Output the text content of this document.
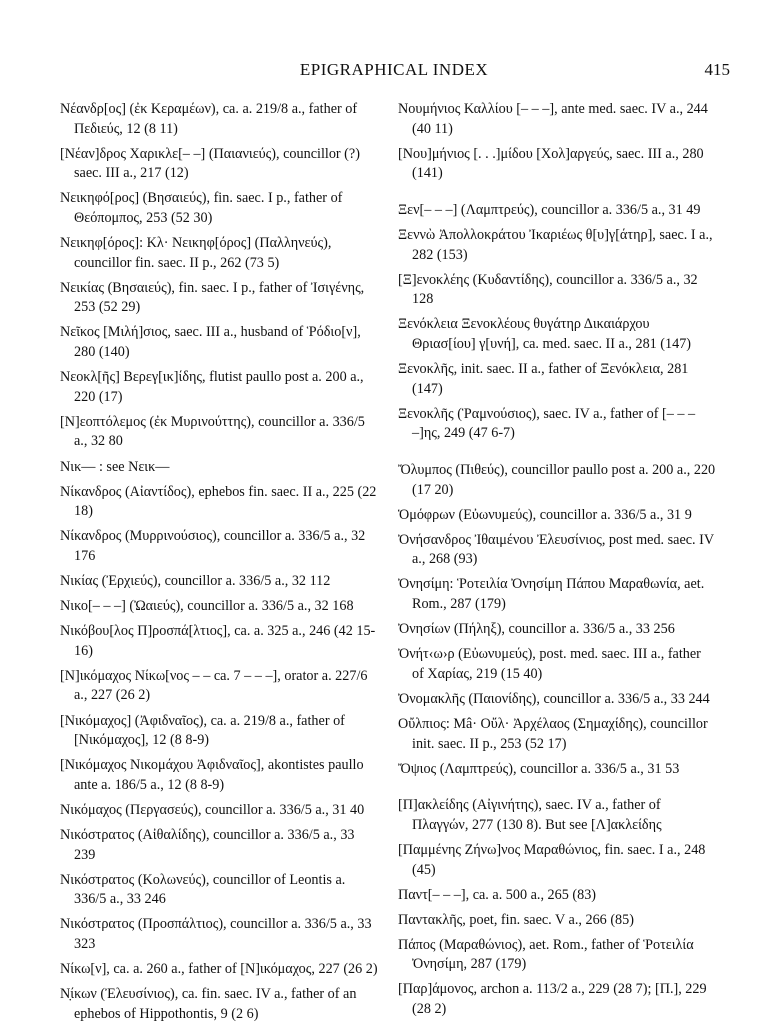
EPIGRAPHICAL INDEX	415

Νέανδρ[ος] (ἐκ Κεραμέων), ca. a. 219/8 a., father of Πεδιεύς, 12 (8 11)

[Νέαν]δρος Χαρικλε[– –] (Παιανιεύς), councillor (?) saec. III a., 217 (12)

Νεικηφό[ρος] (Βησαιεύς), fin. saec. I p., father of Θεόπομπος, 253 (52 30)

Νεικηφ[όρος]: Κλ· Νεικηφ[όρος] (Παλληνεύς), councillor fin. saec. II p., 262 (73 5)

Νεικίας (Βησαιεύς), fin. saec. I p., father of Ἰσιγένης, 253 (52 29)

Νεῖκος [Μιλή]σιος, saec. III a., husband of Ῥόδιο[ν], 280 (140)

Νεοκλ[ῆς] Βερεγ[ικ]ίδης, flutist paullo post a. 200 a., 220 (17)

[Ν]εοπτόλεμος (ἐκ Μυρινούττης), councillor a. 336/5 a., 32 80

Νικ— : see Νεικ—

Νίκανδρος (Αἰαντίδος), ephebos fin. saec. II a., 225 (22 18)

Νίκανδρος (Μυρρινούσιος), councillor a. 336/5 a., 32 176

Νικίας (Ἐρχιεύς), councillor a. 336/5 a., 32 112

Νικο[– – –] (Ὠαιεύς), councillor a. 336/5 a., 32 168

Νικόβου[λος Π]ροσπά[λτιος], ca. a. 325 a., 246 (42 15-16)

[Ν]ικόμαχος Νίκω[νος – – ca. 7 – – –], orator a. 227/6 a., 227 (26 2)

[Νικόμαχος] (Ἀφιδναῖος), ca. a. 219/8 a., father of [Νικόμαχος], 12 (8 8-9)

[Νικόμαχος Νικομάχου Ἀφιδναῖος], akontistes paullo ante a. 186/5 a., 12 (8 8-9)

Νικόμαχος (Περγασεύς), councillor a. 336/5 a., 31 40

Νικόστρατος (Αἰθαλίδης), councillor a. 336/5 a., 33 239

Νικόστρατος (Κολωνεύς), councillor of Leontis a. 336/5 a., 33 246

Νικόστρατος (Προσπάλτιος), councillor a. 336/5 a., 33 323

Νίκω[ν], ca. a. 260 a., father of [Ν]ικόμαχος, 227 (26 2)

Ν̣ίκων (Ἐλευσίνιος), ca. fin. saec. IV a., father of an ephebos of Hippothontis, 9 (2 6)

Νουμήνιος Καλλίου [– – –], ante med. saec. IV a., 244 (40 11)

[Νου]μήνιος [. . .]μίδου [Χολ]αργεύς, saec. III a., 280 (141)

Ξεν[– – –] (Λαμπτρεύς), councillor a. 336/5 a., 31 49

Ξεννὼ Ἀπολλοκράτου Ἰκαριέως θ[υ]γ[άτηρ], saec. I a., 282 (153)

[Ξ]ενοκλέης (Κυδαντίδης), councillor a. 336/5 a., 32 128

Ξενόκλεια Ξενοκλέους θυγάτηρ Δικαιάρχου Θριασ[ίου] γ[υνή], ca. med. saec. II a., 281 (147)

Ξενοκλῆς, init. saec. II a., father of Ξενόκλεια, 281 (147)

Ξενοκλῆς (Ῥαμνούσιος), saec. IV a., father of [– – – –]ης, 249 (47 6-7)

Ὄλυμπος (Πιθεύς), councillor paullo post a. 200 a., 220 (17 20)

Ὁμόφρων (Εὐωνυμεύς), councillor a. 336/5 a., 31 9

Ὀνήσανδρος Ἰθαιμένου Ἐλευσίνιος, post med. saec. IV a., 268 (93)

Ὀνησίμη: Ῥοτειλία Ὀνησίμη Πάπου Μαραθωνία, aet. Rom., 287 (179)

Ὀνησίων (Πήληξ), councillor a. 336/5 a., 33 256

Ὀνήτ‹ω›ρ (Εὐωνυμεύς), post. med. saec. III a., father of Χαρίας, 219 (15 40)

Ὀνομακλῆς (Παιονίδης), councillor a. 336/5 a., 33 244

Οὔλπιος: Μâ· Οὔλ· Ἀρχέλαος (Σημαχίδης), councillor init. saec. II p., 253 (52 17)

Ὄψιος (Λαμπτρεύς), councillor a. 336/5 a., 31 53

[Π]ακλείδης (Αἰγινήτης), saec. IV a., father of Πλαγγών, 277 (130 8). But see [Λ]ακλείδης

[Παμμένης Ζήνω]νος Μαραθώνιος, fin. saec. I a., 248 (45)

Παντ[– – –], ca. a. 500 a., 265 (83)

Παντακλῆς, poet, fin. saec. V a., 266 (85)

Πάπος (Μαραθώνιος), aet. Rom., father of Ῥοτειλία Ὀνησίμη, 287 (179)

[Παρ]άμονος, archon a. 113/2 a., 229 (28 7); [Π.], 229 (28 2)
